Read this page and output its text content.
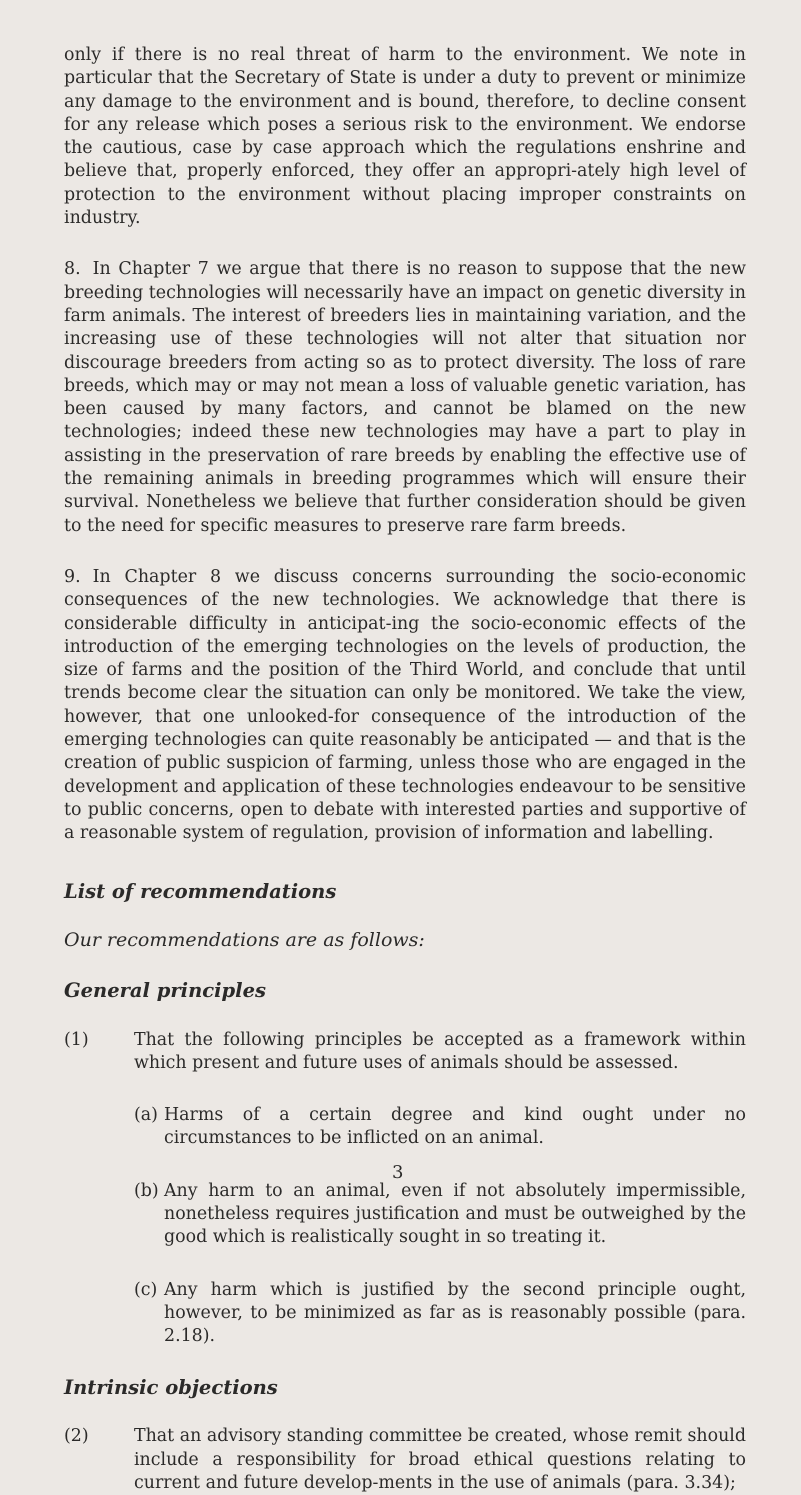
only if there is no real threat of harm to the environment. We note in particular that the Secretary of State is under a duty to prevent or minimize any damage to the environment and is bound, therefore, to decline consent for any release which poses a serious risk to the environment. We endorse the cautious, case by case approach which the regulations enshrine and believe that, properly enforced, they offer an appropri-ately high level of protection to the environment without placing improper constraints on industry.

8. In Chapter 7 we argue that there is no reason to suppose that the new breeding technologies will necessarily have an impact on genetic diversity in farm animals. The interest of breeders lies in maintaining variation, and the increasing use of these technologies will not alter that situation nor discourage breeders from acting so as to protect diversity. The loss of rare breeds, which may or may not mean a loss of valuable genetic variation, has been caused by many factors, and cannot be blamed on the new technologies; indeed these new technologies may have a part to play in assisting in the preservation of rare breeds by enabling the effective use of the remaining animals in breeding programmes which will ensure their survival. Nonetheless we believe that further consideration should be given to the need for specific measures to preserve rare farm breeds.

9. In Chapter 8 we discuss concerns surrounding the socio-economic consequences of the new technologies. We acknowledge that there is considerable difficulty in anticipat-ing the socio-economic effects of the introduction of the emerging technologies on the levels of production, the size of farms and the position of the Third World, and conclude that until trends become clear the situation can only be monitored. We take the view, however, that one unlooked-for consequence of the introduction of the emerging technologies can quite reasonably be anticipated — and that is the creation of public suspicion of farming, unless those who are engaged in the development and application of these technologies endeavour to be sensitive to public concerns, open to debate with interested parties and supportive of a reasonable system of regulation, provision of information and labelling.

List of recommendations

Our recommendations are as follows:

General principles
(1)	That the following principles be accepted as a framework within which present and future uses of animals should be assessed.
(a) Harms of a certain degree and kind ought under no circumstances to be inflicted on an animal.
(b) Any harm to an animal, even if not absolutely impermissible, nonetheless requires justification and must be outweighed by the good which is realistically sought in so treating it.
(c) Any harm which is justified by the second principle ought, however, to be minimized as far as is reasonably possible (para. 2.18).
Intrinsic objections
(2)	That an advisory standing committee be created, whose remit should include a responsibility for broad ethical questions relating to current and future develop-ments in the use of animals (para. 3.34);
3
